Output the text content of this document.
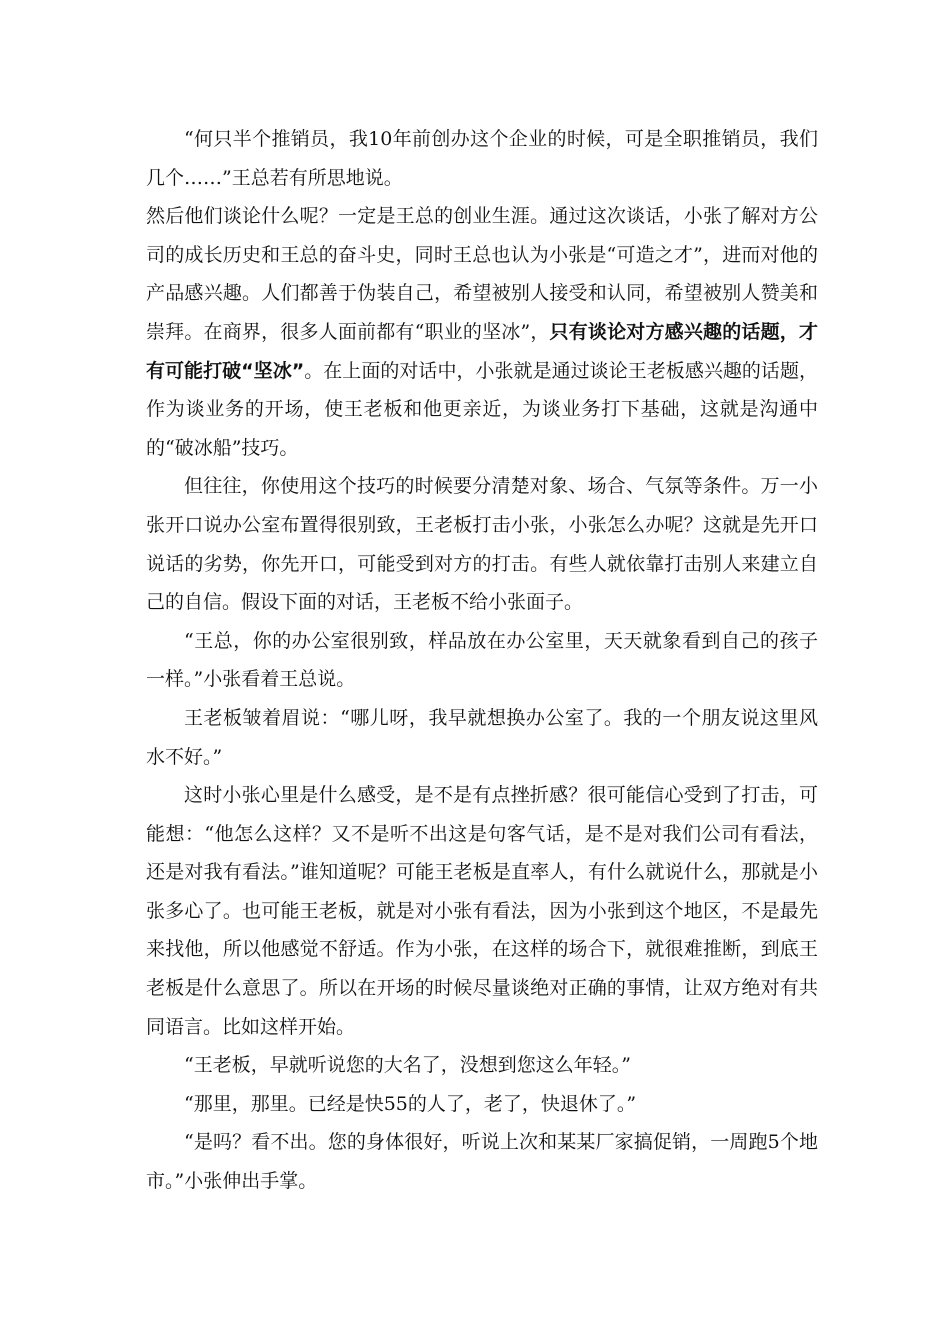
“何只半个推销员，我10年前创办这个企业的时候，可是全职推销员，我们几个……”王总若有所思地说。

然后他们谈论什么呢？一定是王总的创业生涯。通过这次谈话，小张了解对方公司的成长历史和王总的奋斗史，同时王总也认为小张是“可造之才”，进而对他的产品感兴趣。人们都善于伪装自己，希望被别人接受和认同，希望被别人赞美和崇拜。在商界，很多人面前都有“职业的坚冰”，只有谈论对方感兴趣的话题，才有可能打破“坚冰”。在上面的对话中，小张就是通过谈论王老板感兴趣的话题，作为谈业务的开场，使王老板和他更亲近，为谈业务打下基础，这就是沟通中的“破冰船”技巧。

但往往，你使用这个技巧的时候要分清楚对象、场合、气氛等条件。万一小张开口说办公室布置得很别致，王老板打击小张，小张怎么办呢？这就是先开口说话的劣势，你先开口，可能受到对方的打击。有些人就依靠打击别人来建立自己的自信。假设下面的对话，王老板不给小张面子。

“王总，你的办公室很别致，样品放在办公室里，天天就象看到自己的孩子一样。”小张看着王总说。

王老板皱着眉说：“哪儿呀，我早就想换办公室了。我的一个朋友说这里风水不好。”

这时小张心里是什么感受，是不是有点挫折感？很可能信心受到了打击，可能想：“他怎么这样？又不是听不出这是句客气话，是不是对我们公司有看法，还是对我有看法。”谁知道呢？可能王老板是直率人，有什么就说什么，那就是小张多心了。也可能王老板，就是对小张有看法，因为小张到这个地区，不是最先来找他，所以他感觉不舒适。作为小张，在这样的场合下，就很难推断，到底王老板是什么意思了。所以在开场的时候尽量谈绝对正确的事情，让双方绝对有共同语言。比如这样开始。

“王老板，早就听说您的大名了，没想到您这么年轻。”

“那里，那里。已经是快55的人了，老了，快退休了。”

“是吗？看不出。您的身体很好，听说上次和某某厂家搞促销，一周跑5个地市。”小张伸出手掌。
